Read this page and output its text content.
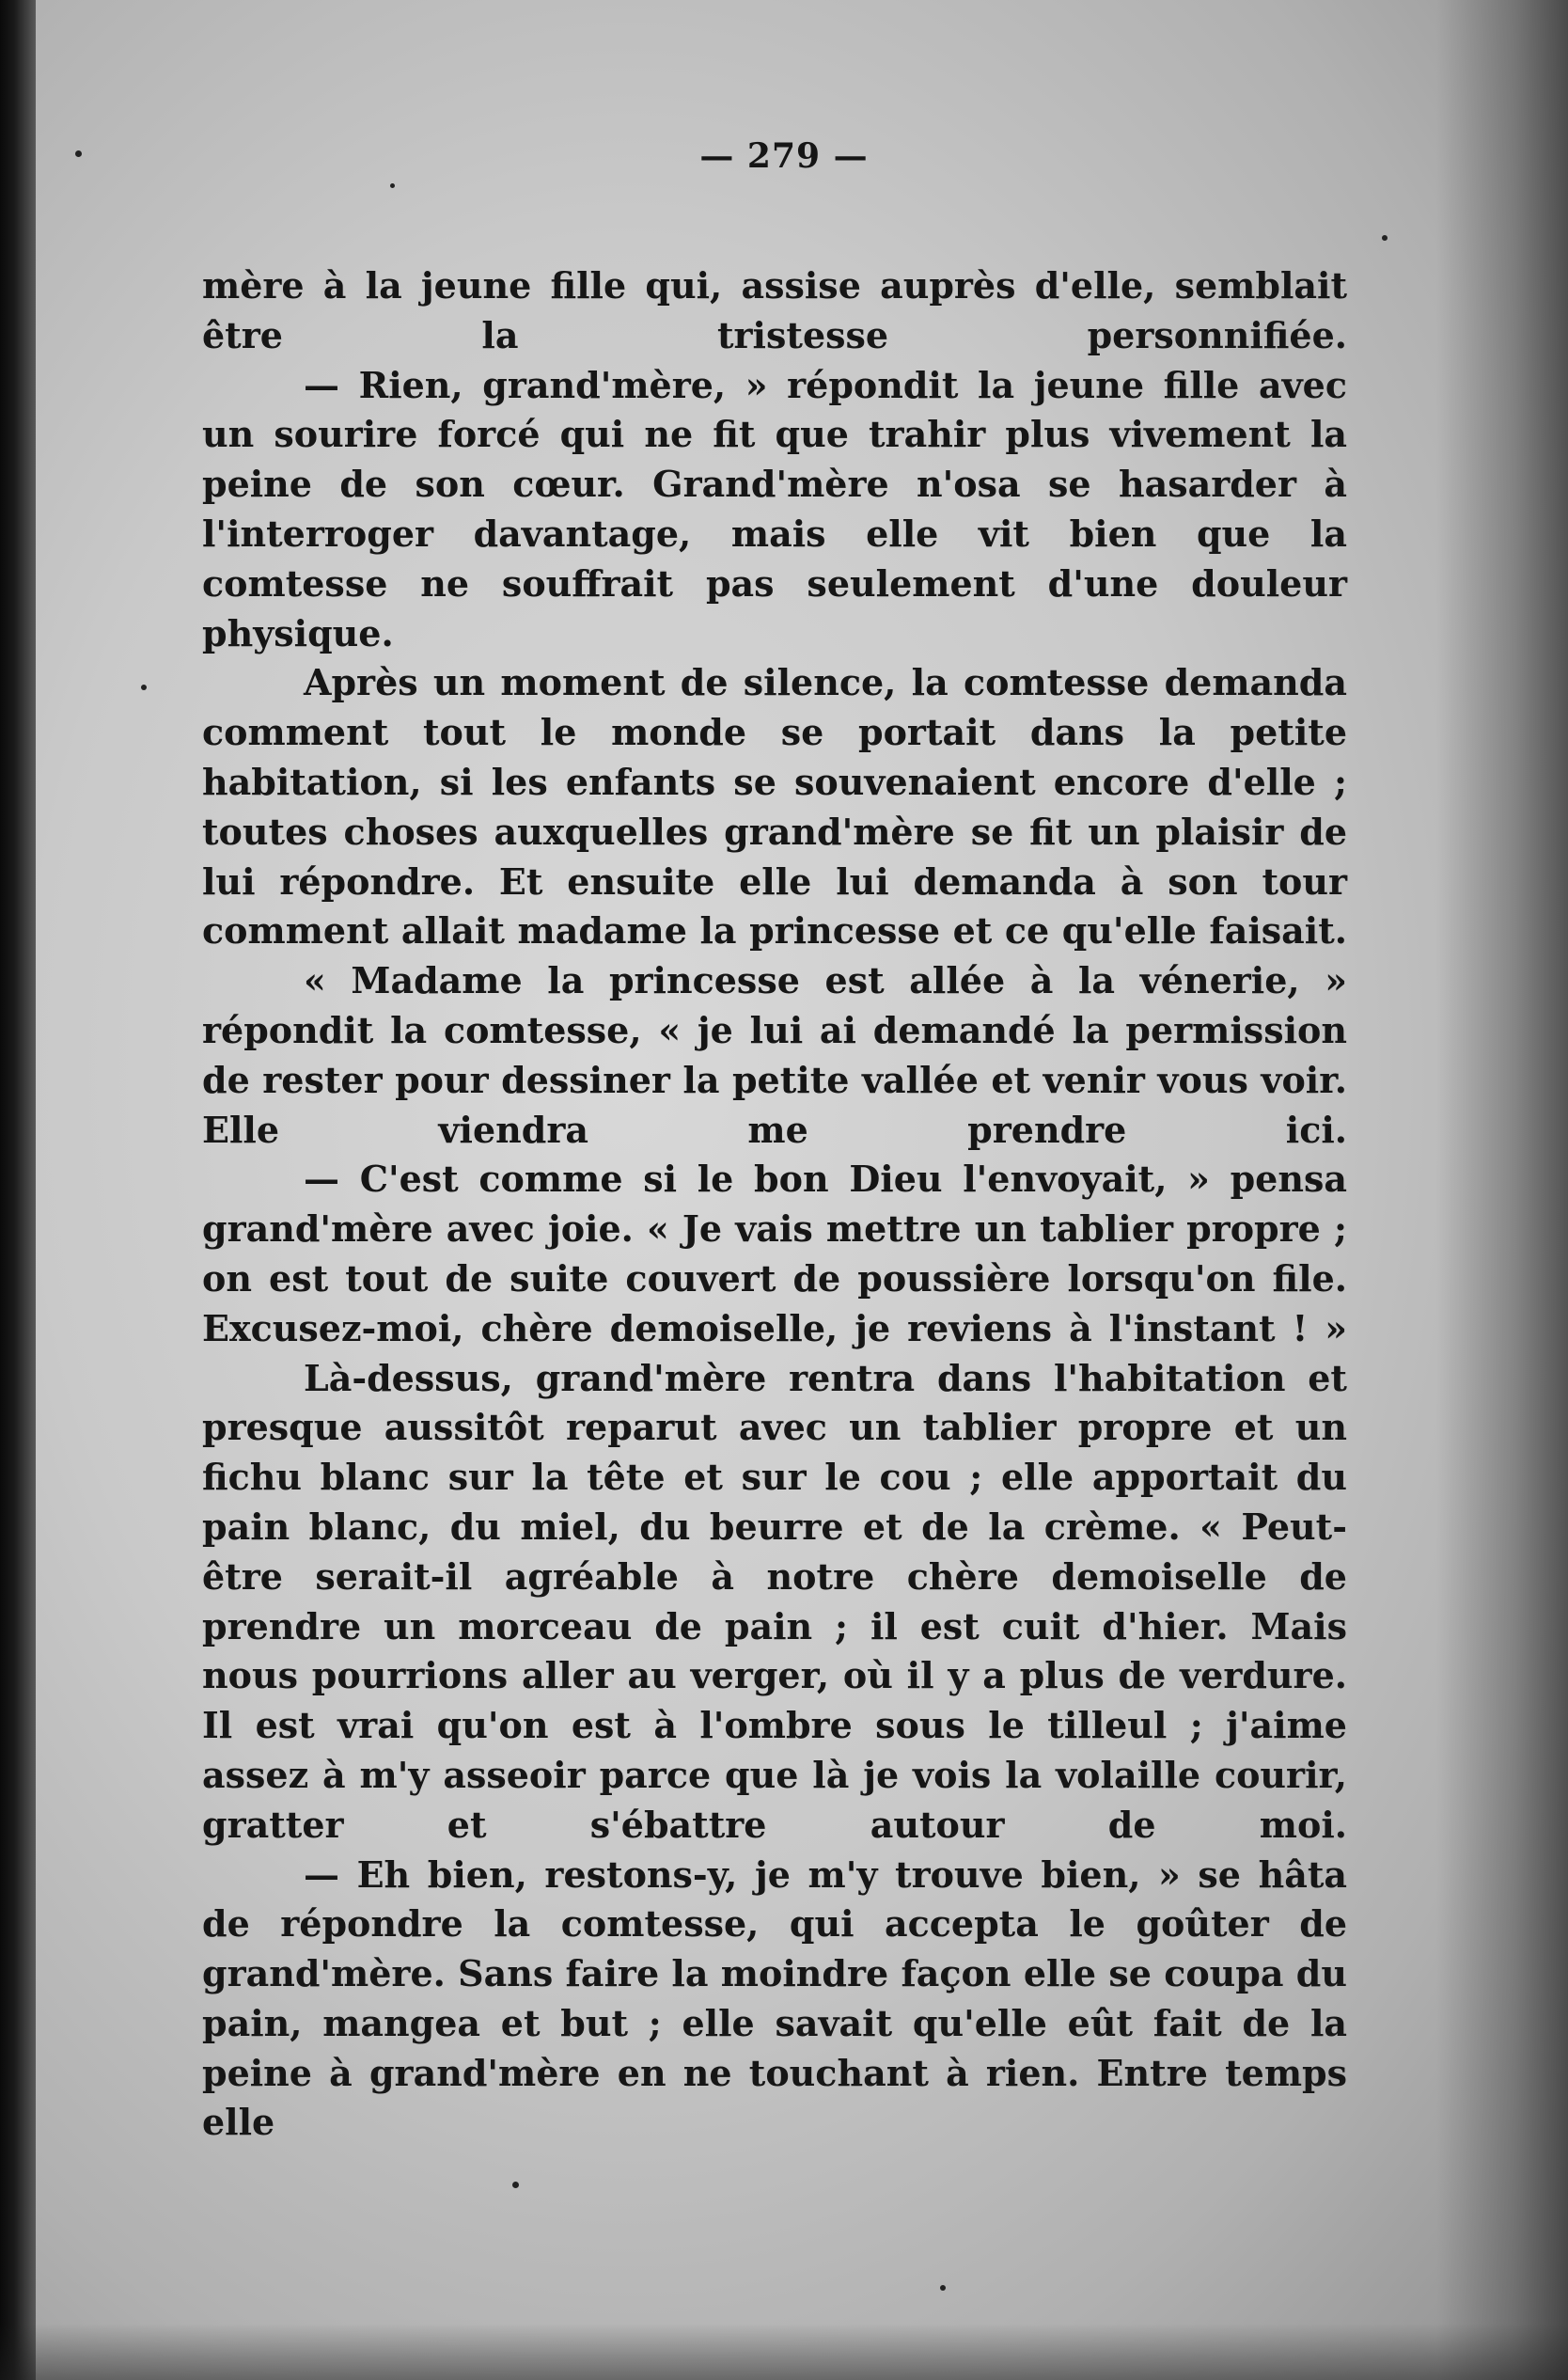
— 279 —

mère à la jeune fille qui, assise auprès d'elle, semblait être la tristesse personnifiée.

— Rien, grand'mère, » répondit la jeune fille avec un sourire forcé qui ne fit que trahir plus vivement la peine de son cœur. Grand'mère n'osa se hasarder à l'interroger davantage, mais elle vit bien que la comtesse ne souffrait pas seulement d'une douleur physique.

Après un moment de silence, la comtesse demanda comment tout le monde se portait dans la petite habitation, si les enfants se souvenaient encore d'elle ; toutes choses auxquelles grand'mère se fit un plaisir de lui répondre. Et ensuite elle lui demanda à son tour comment allait madame la princesse et ce qu'elle faisait.

« Madame la princesse est allée à la vénerie, » répondit la comtesse, « je lui ai demandé la permission de rester pour dessiner la petite vallée et venir vous voir. Elle viendra me prendre ici.

— C'est comme si le bon Dieu l'envoyait, » pensa grand'mère avec joie. « Je vais mettre un tablier propre ; on est tout de suite couvert de poussière lorsqu'on file. Excusez-moi, chère demoiselle, je reviens à l'instant ! »

Là-dessus, grand'mère rentra dans l'habitation et presque aussitôt reparut avec un tablier propre et un fichu blanc sur la tête et sur le cou ; elle apportait du pain blanc, du miel, du beurre et de la crème. « Peut-être serait-il agréable à notre chère demoiselle de prendre un morceau de pain ; il est cuit d'hier. Mais nous pourrions aller au verger, où il y a plus de verdure. Il est vrai qu'on est à l'ombre sous le tilleul ; j'aime assez à m'y asseoir parce que là je vois la volaille courir, gratter et s'ébattre autour de moi.

— Eh bien, restons-y, je m'y trouve bien, » se hâta de répondre la comtesse, qui accepta le goûter de grand'mère. Sans faire la moindre façon elle se coupa du pain, mangea et but ; elle savait qu'elle eût fait de la peine à grand'mère en ne touchant à rien. Entre temps elle
